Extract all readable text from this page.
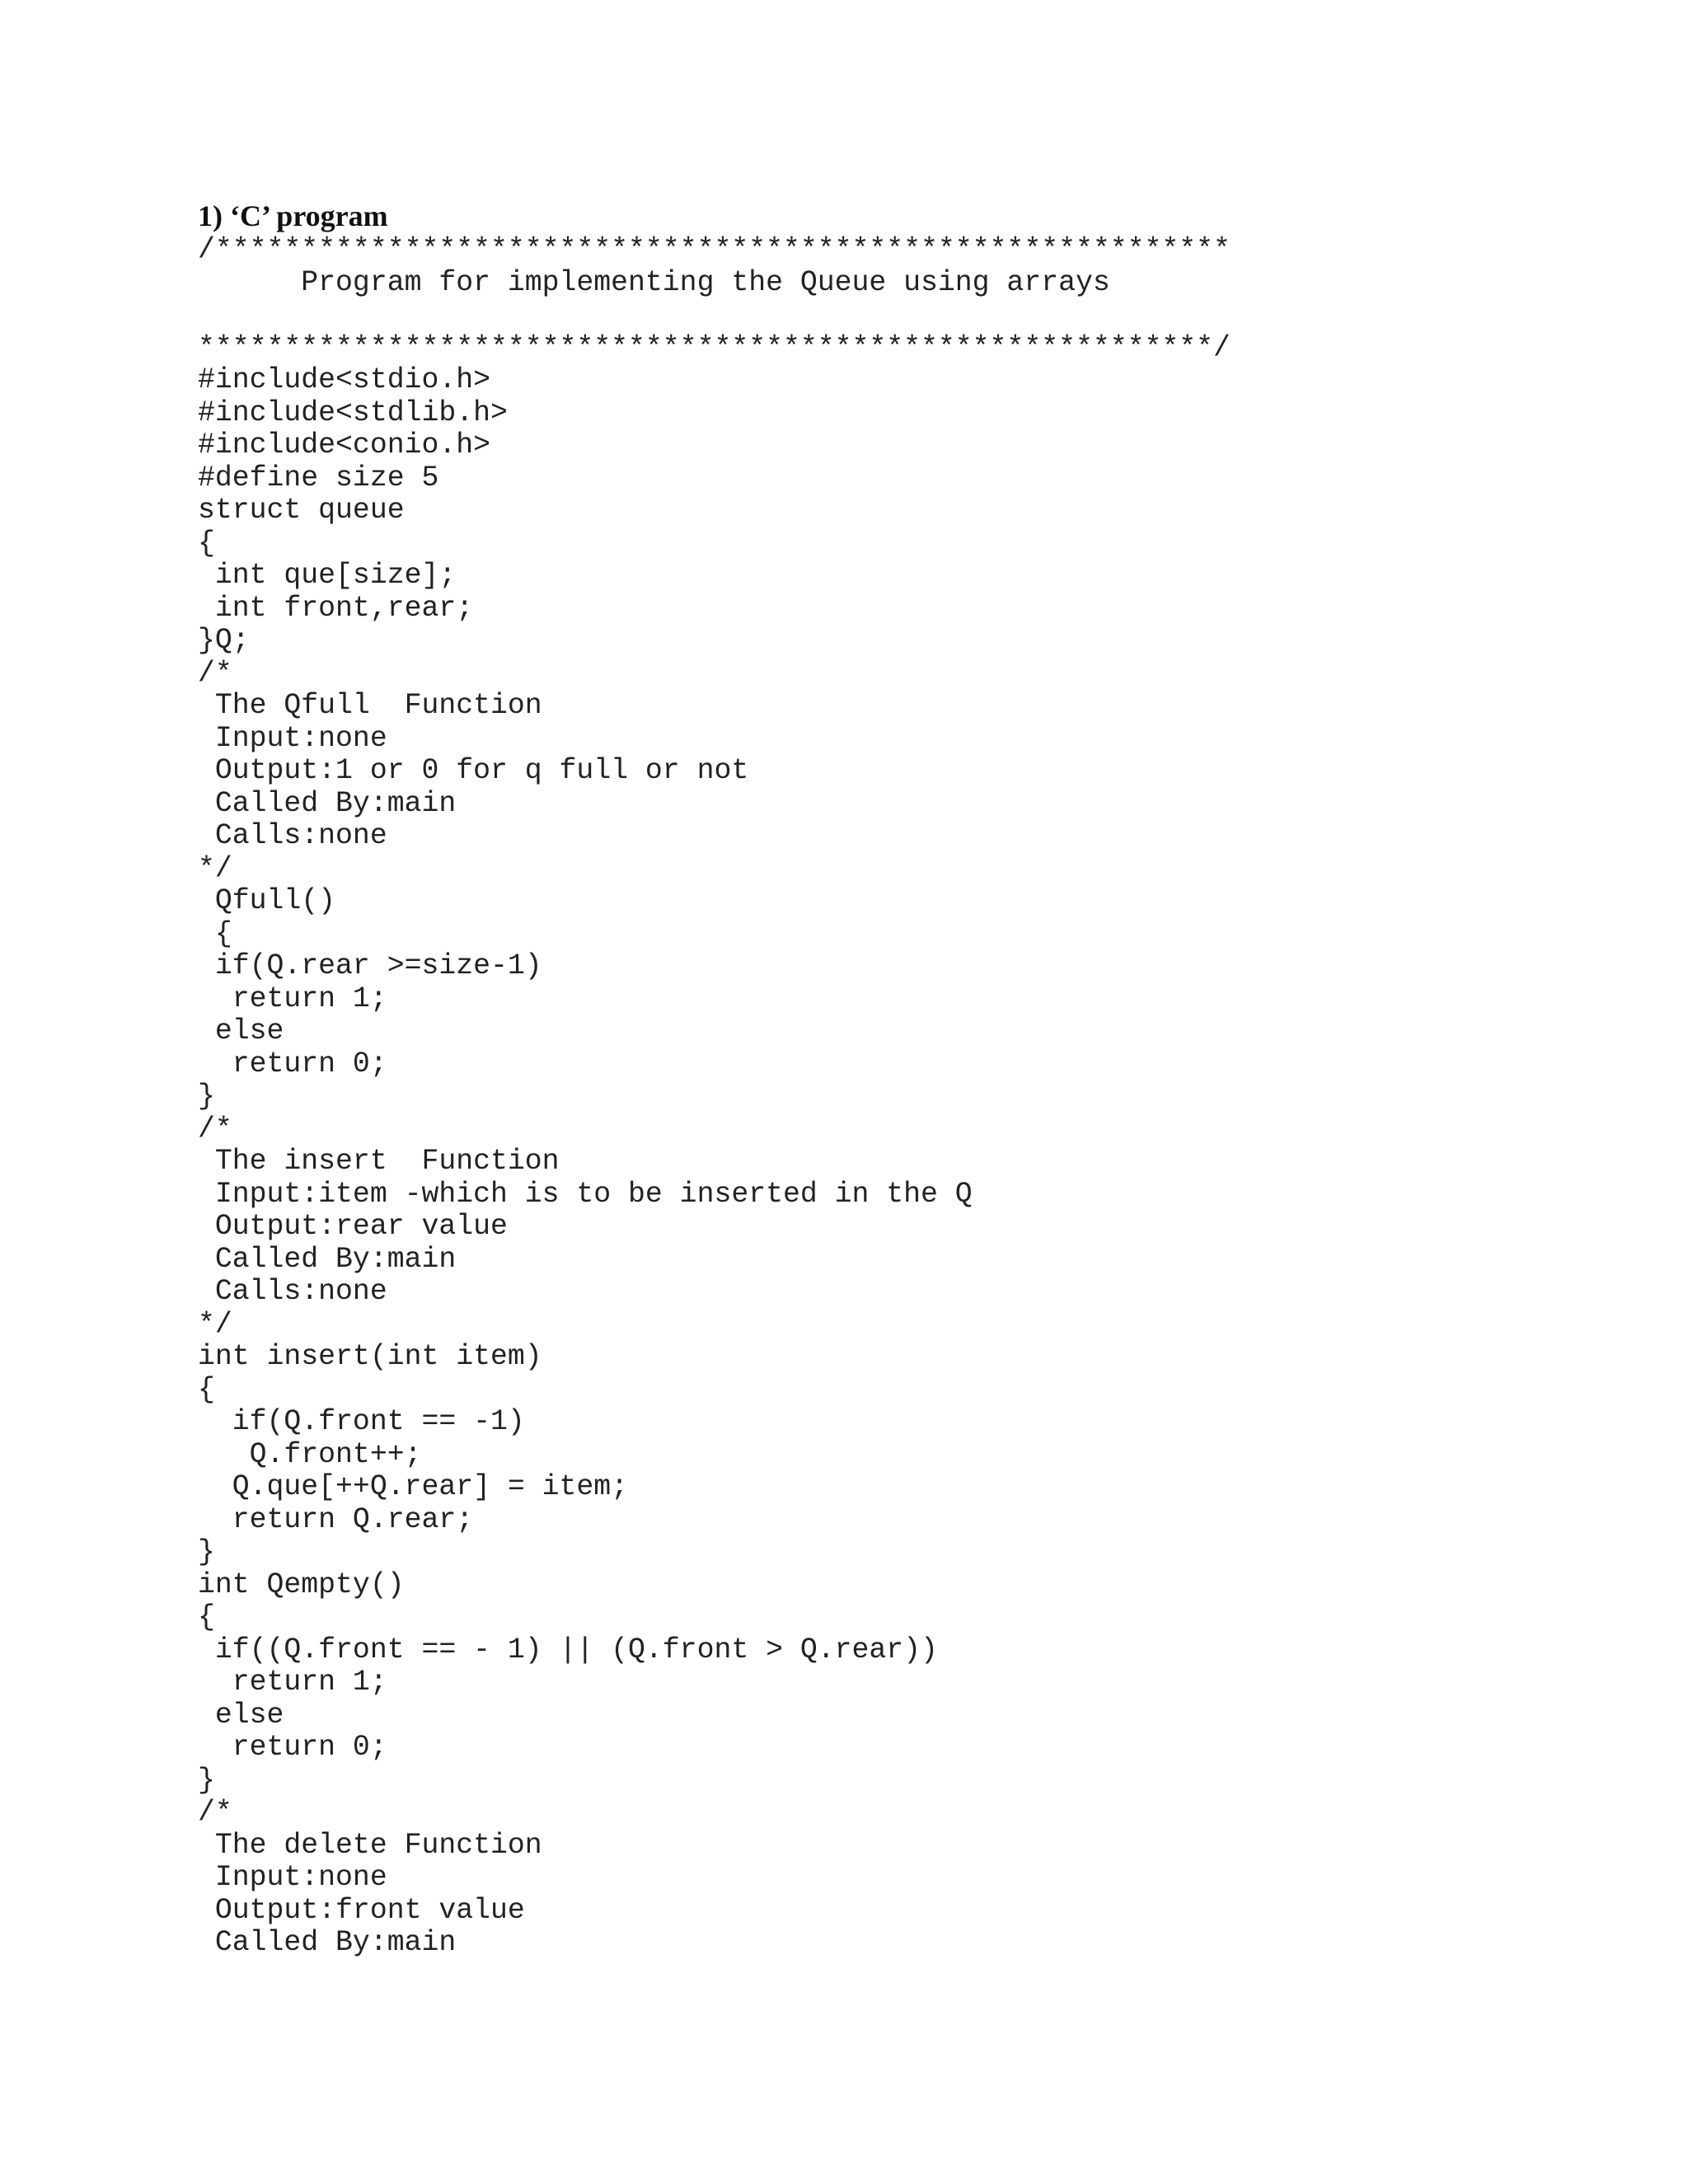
1) ‘C’ program
/***********************************************************
Program for implementing the Queue using arrays
***********************************************************/
#include<stdio.h>
#include<stdlib.h>
#include<conio.h>
#define size 5
struct queue
{
int que[size];
int front,rear;
}Q;
/*
The Qfull  Function
Input:none
Output:1 or 0 for q full or not
Called By:main
Calls:none
*/
Qfull()
{
if(Q.rear >=size-1)
return 1;
else
return 0;
}
/*
The insert  Function
Input:item -which is to be inserted in the Q
Output:rear value
Called By:main
Calls:none
*/
int insert(int item)
{
if(Q.front == -1)
Q.front++;
Q.que[++Q.rear] = item;
return Q.rear;
}
int Qempty()
{
if((Q.front == - 1) || (Q.front > Q.rear))
return 1;
else
return 0;
}
/*
The delete Function
Input:none
Output:front value
Called By:main
